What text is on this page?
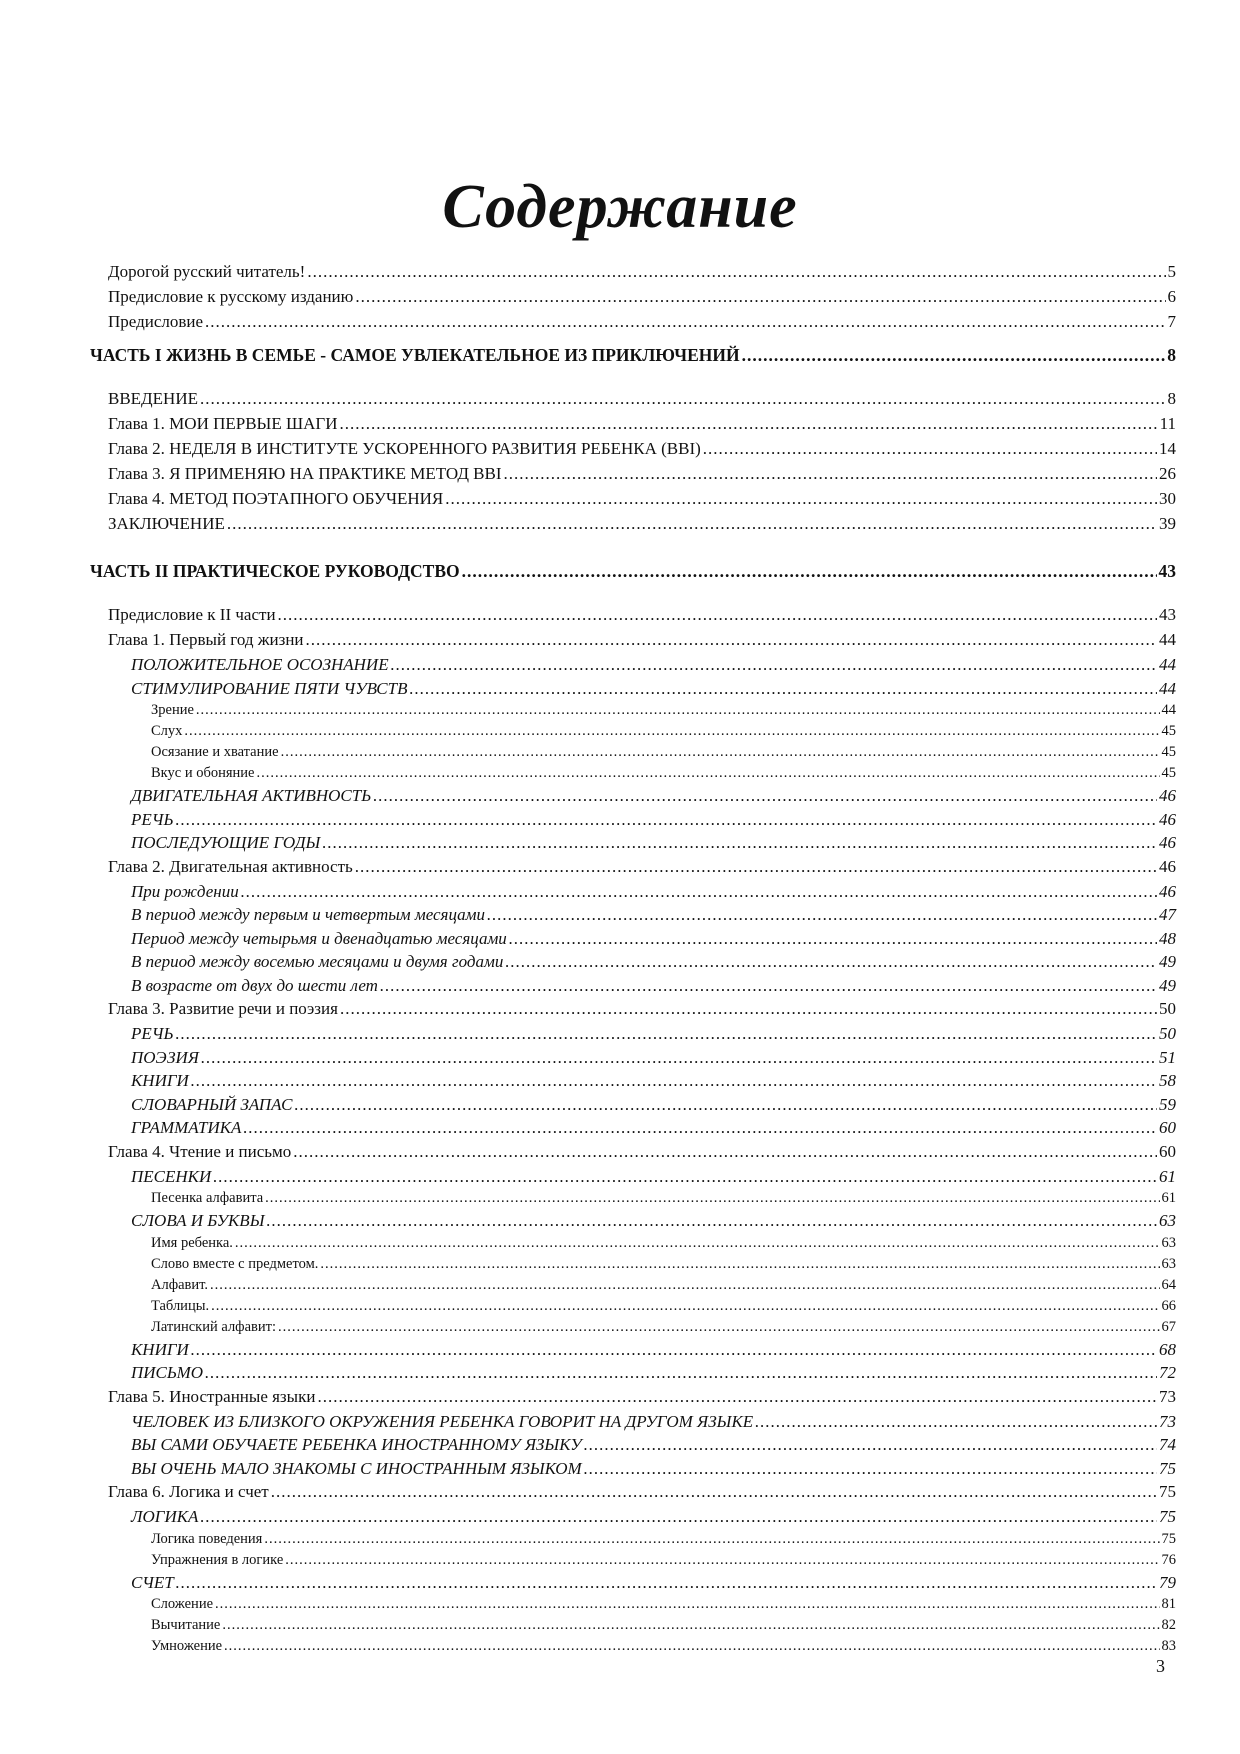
Содержание
Дорогой русский читатель! .....	5
Предисловие к русскому изданию .....	6
Предисловие .....	7
ЧАСТЬ I ЖИЗНЬ В СЕМЬЕ - САМОЕ УВЛЕКАТЕЛЬНОЕ ИЗ ПРИКЛЮЧЕНИЙ .....	8
ВВЕДЕНИЕ .....	8
Глава 1. МОИ ПЕРВЫЕ ШАГИ .....	11
Глава 2. НЕДЕЛЯ В ИНСТИТУТЕ УСКОРЕННОГО РАЗВИТИЯ РЕБЕНКА (BBI) .....	14
Глава 3. Я ПРИМЕНЯЮ НА ПРАКТИКЕ МЕТОД BBI .....	26
Глава 4. МЕТОД ПОЭТАПНОГО ОБУЧЕНИЯ .....	30
ЗАКЛЮЧЕНИЕ .....	39
ЧАСТЬ II ПРАКТИЧЕСКОЕ РУКОВОДСТВО .....	43
Предисловие к II части .....	43
Глава 1. Первый год жизни .....	44
ПОЛОЖИТЕЛЬНОЕ ОСОЗНАНИЕ .....	44
СТИМУЛИРОВАНИЕ ПЯТИ ЧУВСТВ .....	44
Зрение .....	44
Слух .....	45
Осязание и хватание .....	45
Вкус и обоняние .....	45
ДВИГАТЕЛЬНАЯ АКТИВНОСТЬ .....	46
РЕЧЬ .....	46
ПОСЛЕДУЮЩИЕ ГОДЫ .....	46
Глава 2. Двигательная активность .....	46
При рождении .....	46
В период между первым и четвертым месяцами .....	47
Период между четырьмя и двенадцатью месяцами .....	48
В период между восемью месяцами и двумя годами .....	49
В возрасте от двух до шести лет .....	49
Глава 3. Развитие речи и поэзия .....	50
РЕЧЬ .....	50
ПОЭЗИЯ .....	51
КНИГИ .....	58
СЛОВАРНЫЙ ЗАПАС .....	59
ГРАММАТИКА .....	60
Глава 4. Чтение и письмо .....	60
ПЕСЕНКИ .....	61
Песенка алфавита .....	61
СЛОВА И БУКВЫ .....	63
Имя ребенка. .....	63
Слово вместе с предметом. .....	63
Алфавит. .....	64
Таблицы. .....	66
Латинский алфавит: .....	67
КНИГИ .....	68
ПИСЬМО .....	72
Глава 5. Иностранные языки .....	73
ЧЕЛОВЕК ИЗ БЛИЗКОГО ОКРУЖЕНИЯ РЕБЕНКА ГОВОРИТ НА ДРУГОМ ЯЗЫКЕ .....	73
ВЫ САМИ ОБУЧАЕТЕ РЕБЕНКА ИНОСТРАННОМУ ЯЗЫКУ .....	74
ВЫ ОЧЕНЬ МАЛО ЗНАКОМЫ С ИНОСТРАННЫМ ЯЗЫКОМ .....	75
Глава 6. Логика и счет .....	75
ЛОГИКА .....	75
Логика поведения .....	75
Упражнения в логике .....	76
СЧЕТ .....	79
Сложение .....	81
Вычитание .....	82
Умножение .....	83
3
